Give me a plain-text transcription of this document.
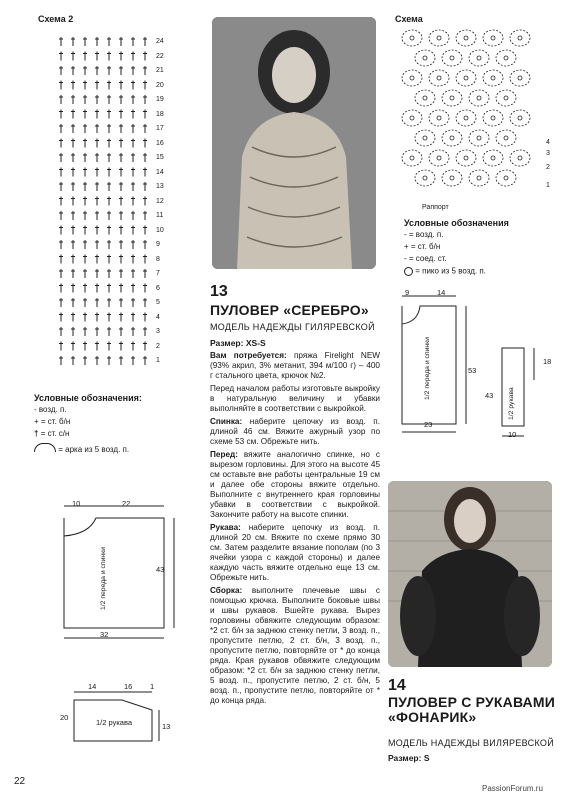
Схема 2
24
22
21
20
19
18
17
16
15
14
13
12
11
10
9
8
7
6
5
4
3
2
1
Условные обозначения:
- возд. п.
+ = ст. б/н
† = ст. с/н
= арка из 5 возд. п.
10	22
43
32
1/2 переда и спинки
14	16 1
20
13
1/2 рукава
13
ПУЛОВЕР «СЕРЕБРО»
МОДЕЛЬ НАДЕЖДЫ ГИЛЯРЕВСКОЙ
Размер: XS-S

Вам потребуется: пряжа Firelight NEW (93% акрил, 3% метанит, 394 м/100 г) – 400 г стального цвета, крючок №2.

Перед началом работы изготовьте выкройку в натуральную величину и убавки выполняйте в соответствии с выкройкой.

Спинка: наберите цепочку из возд. п. длиной 46 см. Вяжите ажурный узор по схеме 53 см. Обрежьте нить.

Перед: вяжите аналогично спинке, но с вырезом горловины. Для этого на высоте 45 см оставьте вне работы центральные 19 см и далее обе стороны вяжите отдельно. Выполните с внутреннего края горловины убавки в соответствии с выкройкой. Закончите работу на высоте спинки.

Рукава: наберите цепочку из возд. п. длиной 20 см. Вяжите по схеме прямо 30 см. Затем разделите вязание пополам (по 3 ячейки узора с каждой стороны) и далее каждую часть вяжите отдельно еще 13 см. Обрежьте нить.

Сборка: выполните плечевые швы с помощью крючка. Выполните боковые швы и швы рукавов. Вшейте рукава. Вырез горловины обвяжите следующим образом: *2 ст. б/н за заднюю стенку петли, 3 возд. п., пропустите петлю, 2 ст. б/н, 3 возд. п., пропустите петлю, повторяйте от * до конца ряда. Края рукавов обвяжите следующим образом: *2 ст. б/н за заднюю стенку петли, 5 возд. п., пропустите петлю, 2 ст. б/н, 5 возд. п., пропустите петлю, повторяйте от * до конца ряда.

Схема
4
3
2
1
Раппорт
Условные обозначения
- = возд. п.
+ = ст. б/н
- = соед. ст.
= пико из 5 возд. п.
9	14
53
23
1/2 переда и спинки	18
43
10
1/2 рукава
14
ПУЛОВЕР С РУКАВАМИ «ФОНАРИК»
МОДЕЛЬ НАДЕЖДЫ ВИЛЯРЕВСКОЙ
Размер: S
22
PassionForum.ru
